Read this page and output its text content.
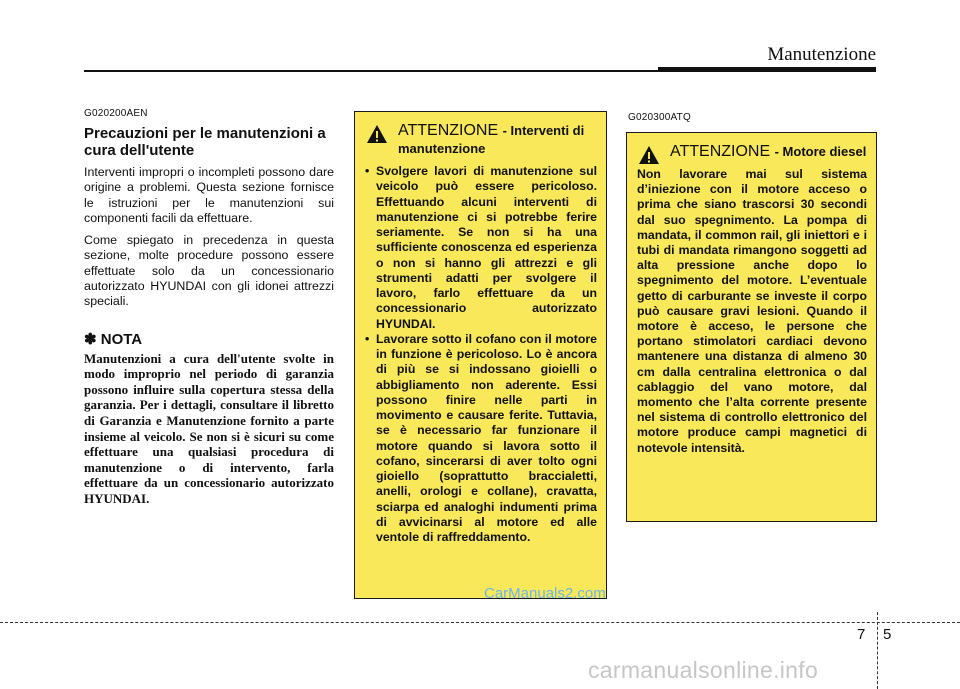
Manutenzione
G020200AEN
Precauzioni per le manutenzioni a cura dell'utente
Interventi impropri o incompleti possono dare origine a problemi. Questa sezione fornisce le istruzioni per le manutenzioni sui componenti facili da effettuare.
Come spiegato in precedenza in questa sezione, molte procedure possono essere effettuate solo da un concessionario autorizzato HYUNDAI con gli idonei attrezzi speciali.
✽ NOTA
Manutenzioni a cura dell'utente svolte in modo improprio nel periodo di garanzia possono influire sulla copertura stessa della garanzia. Per i dettagli, consultare il libretto di Garanzia e Manutenzione fornito a parte insieme al veicolo. Se non si è sicuri su come effettuare una qualsiasi procedura di manutenzione o di intervento, farla effettuare da un concessionario autorizzato HYUNDAI.
ATTENZIONE - Interventi di manutenzione
• Svolgere lavori di manutenzione sul veicolo può essere pericoloso. Effettuando alcuni interventi di manutenzione ci si potrebbe ferire seriamente. Se non si ha una sufficiente conoscenza ed esperienza o non si hanno gli attrezzi e gli strumenti adatti per svolgere il lavoro, farlo effettuare da un concessionario autorizzato HYUNDAI.
• Lavorare sotto il cofano con il motore in funzione è pericoloso. Lo è ancora di più se si indossano gioielli o abbigliamento non aderente. Essi possono finire nelle parti in movimento e causare ferite. Tuttavia, se è necessario far funzionare il motore quando si lavora sotto il cofano, sincerarsi di aver tolto ogni gioiello (soprattutto braccialetti, anelli, orologi e collane), cravatta, sciarpa ed analoghi indumenti prima di avvicinarsi al motore ed alle ventole di raffreddamento.
G020300ATQ
ATTENZIONE - Motore diesel
Non lavorare mai sul sistema d’iniezione con il motore acceso o prima che siano trascorsi 30 secondi dal suo spegnimento. La pompa di mandata, il common rail, gli iniettori e i tubi di mandata rimangono soggetti ad alta pressione anche dopo lo spegnimento del motore. L’eventuale getto di carburante se investe il corpo può causare gravi lesioni. Quando il motore è acceso, le persone che portano stimolatori cardiaci devono mantenere una distanza di almeno 30 cm dalla centralina elettronica o dal cablaggio del vano motore, dal momento che l’alta corrente presente nel sistema di controllo elettronico del motore produce campi magnetici di notevole intensità.
CarManuals2.com
7 5
carmanualsonline.info
